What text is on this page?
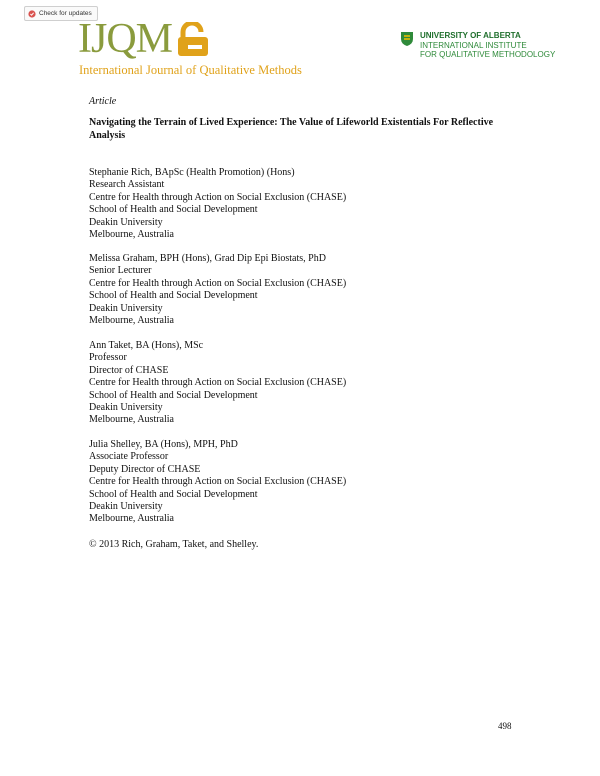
Check for updates
IJQM
International Journal of Qualitative Methods
UNIVERSITY OF ALBERTA
INTERNATIONAL INSTITUTE
FOR QUALITATIVE METHODOLOGY
Article
Navigating the Terrain of Lived Experience: The Value of Lifeworld Existentials For Reflective Analysis
Stephanie Rich, BApSc (Health Promotion) (Hons)
Research Assistant
Centre for Health through Action on Social Exclusion (CHASE)
School of Health and Social Development
Deakin University
Melbourne, Australia
Melissa Graham, BPH (Hons), Grad Dip Epi Biostats, PhD
Senior Lecturer
Centre for Health through Action on Social Exclusion (CHASE)
School of Health and Social Development
Deakin University
Melbourne, Australia
Ann Taket, BA (Hons), MSc
Professor
Director of CHASE
Centre for Health through Action on Social Exclusion (CHASE)
School of Health and Social Development
Deakin University
Melbourne, Australia
Julia Shelley, BA (Hons), MPH, PhD
Associate Professor
Deputy Director of CHASE
Centre for Health through Action on Social Exclusion (CHASE)
School of Health and Social Development
Deakin University
Melbourne, Australia
© 2013 Rich, Graham, Taket, and Shelley.
498
